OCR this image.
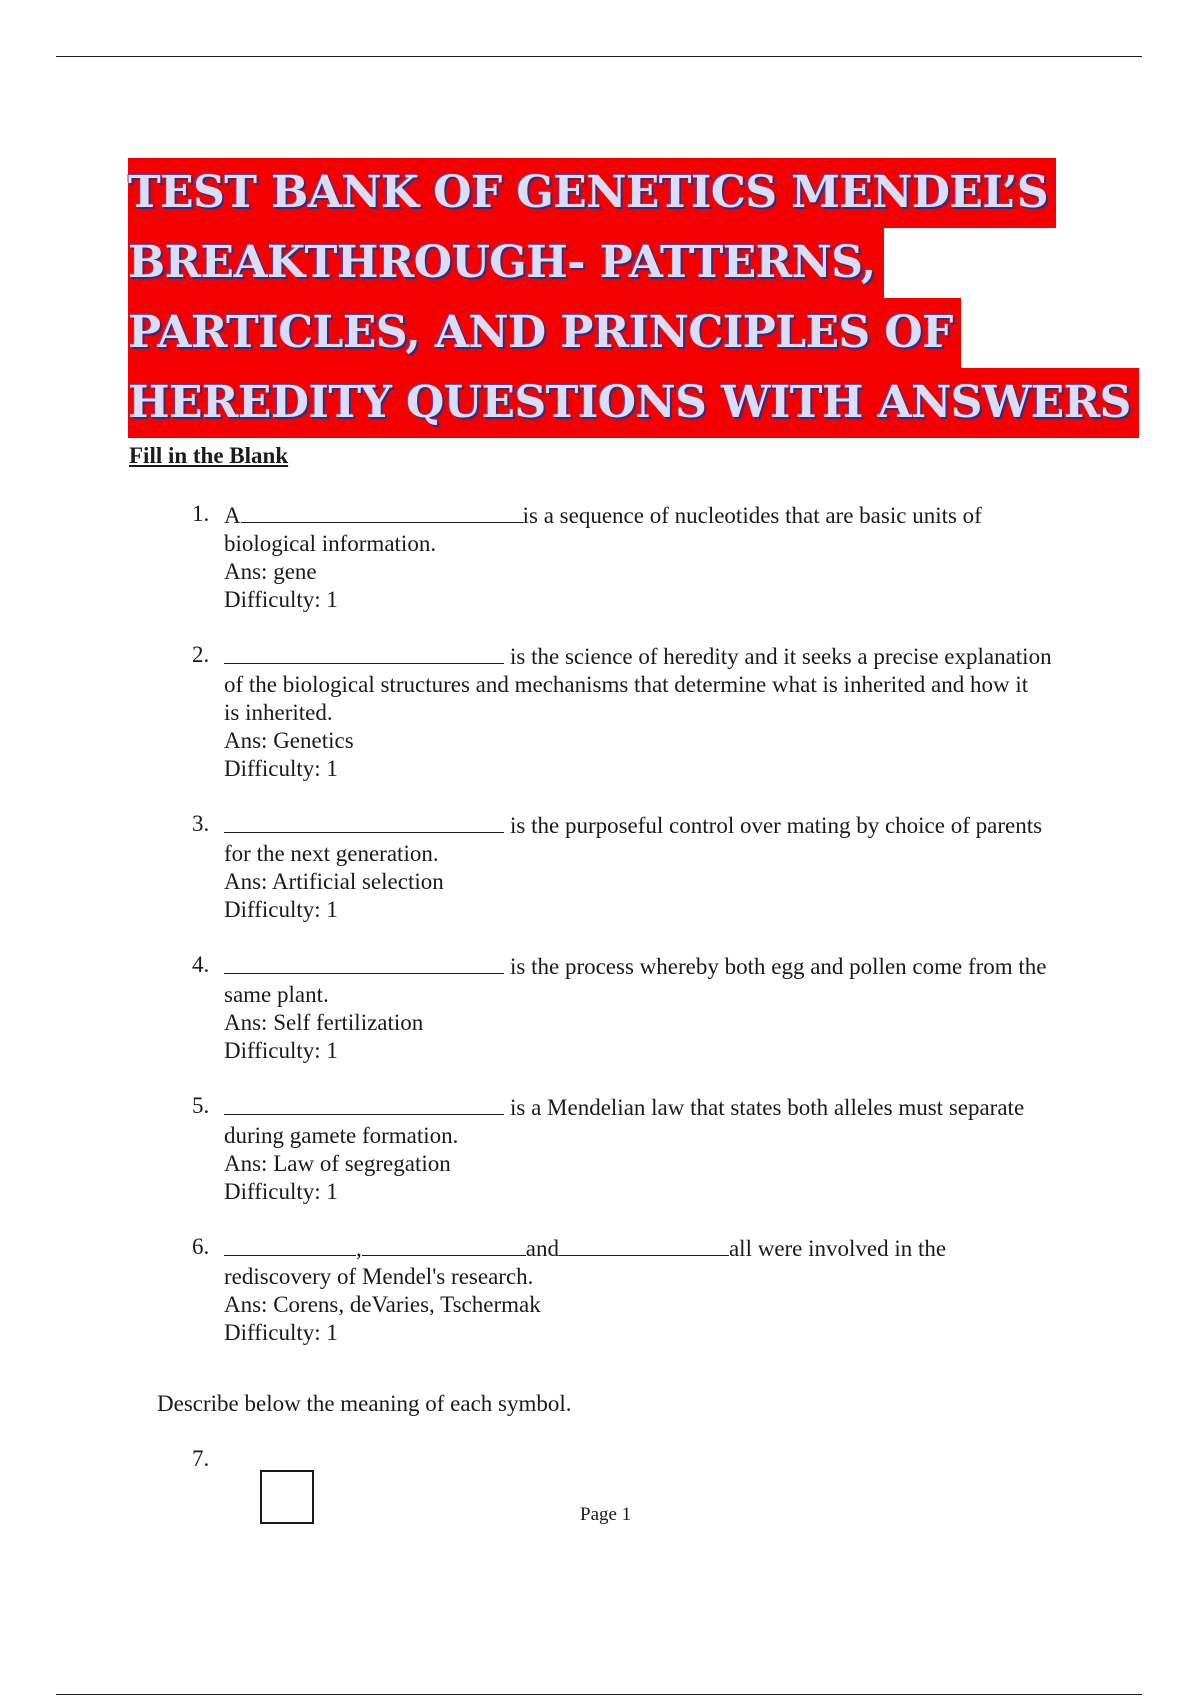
TEST BANK OF GENETICS MENDEL’S
BREAKTHROUGH- PATTERNS,
PARTICLES, AND PRINCIPLES OF
HEREDITY QUESTIONS WITH ANSWERS
Fill in the Blank
1. A	is a sequence of nucleotides that are basic units of
biological information.
Ans: gene
Difficulty: 1
2.	is the science of heredity and it seeks a precise explanation
of the biological structures and mechanisms that determine what is inherited and how it
is inherited.
Ans: Genetics
Difficulty: 1
3.	is the purposeful control over mating by choice of parents
for the next generation.
Ans: Artificial selection
Difficulty: 1
4.	is the process whereby both egg and pollen come from the
same plant.
Ans: Self fertilization
Difficulty: 1
5.	is a Mendelian law that states both alleles must separate
during gamete formation.
Ans: Law of segregation
Difficulty: 1
6.	,	and	all were involved in the
rediscovery of Mendel's research.
Ans: Corens, deVaries, Tschermak
Difficulty: 1
Describe below the meaning of each symbol.
7.
Page 1
